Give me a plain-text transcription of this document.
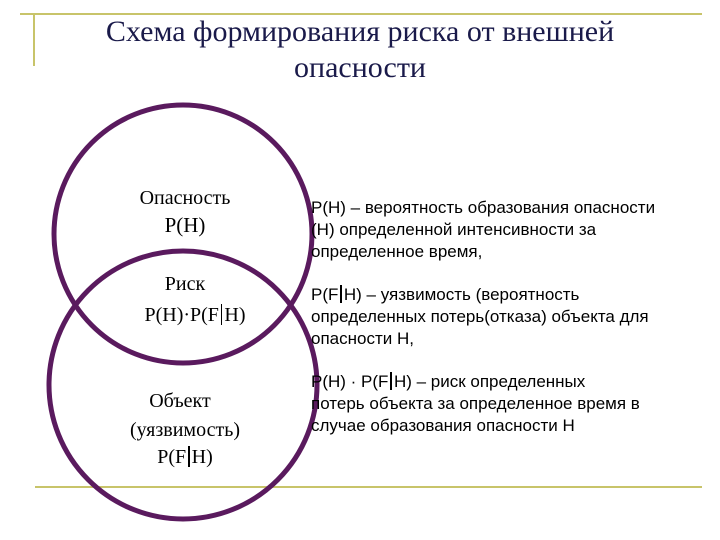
Схема формирования риска от внешней
опасности
Опасность
Р(Н)
Риск
Р(Н)·Р(F Н)
Объект
(уязвимость)
Р(F Н)
Р(Н) – вероятность образования опасности
(Н) определенной интенсивности за
определенное время,
Р(F Н) – уязвимость (вероятность
определенных потерь(отказа) объекта для
опасности Н,
Р(Н) · Р(F Н) – риск определенных
потерь объекта за определенное время в
случае образования опасности Н
